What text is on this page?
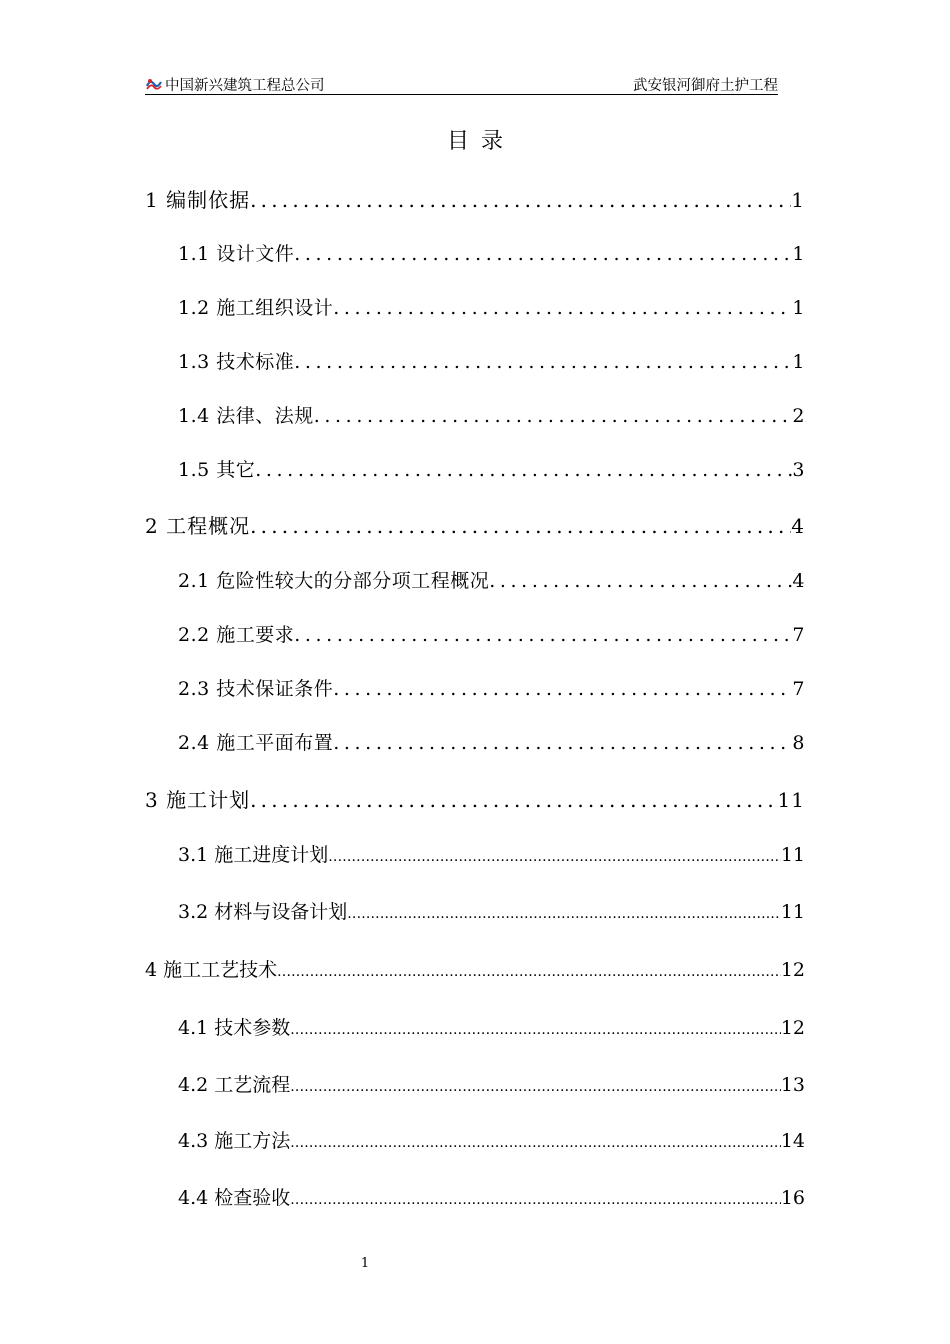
中国新兴建筑工程总公司	武安银河御府土护工程
目录
1 编制依据 .....	1
1.1 设计文件 .....	1
1.2 施工组织设计 .....	1
1.3 技术标准 .....	1
1.4 法律、法规 .....	2
1.5 其它 .....	3
2 工程概况 .....	4
2.1 危险性较大的分部分项工程概况 .....	4
2.2 施工要求 .....	7
2.3 技术保证条件 .....	7
2.4 施工平面布置 .....	8
3 施工计划 .....	11
3.1 施工进度计划 .....	11
3.2 材料与设备计划 .....	11
4 施工工艺技术 .....	12
4.1 技术参数 .....	12
4.2 工艺流程 .....	13
4.3 施工方法 .....	14
4.4 检查验收 .....	16
1
